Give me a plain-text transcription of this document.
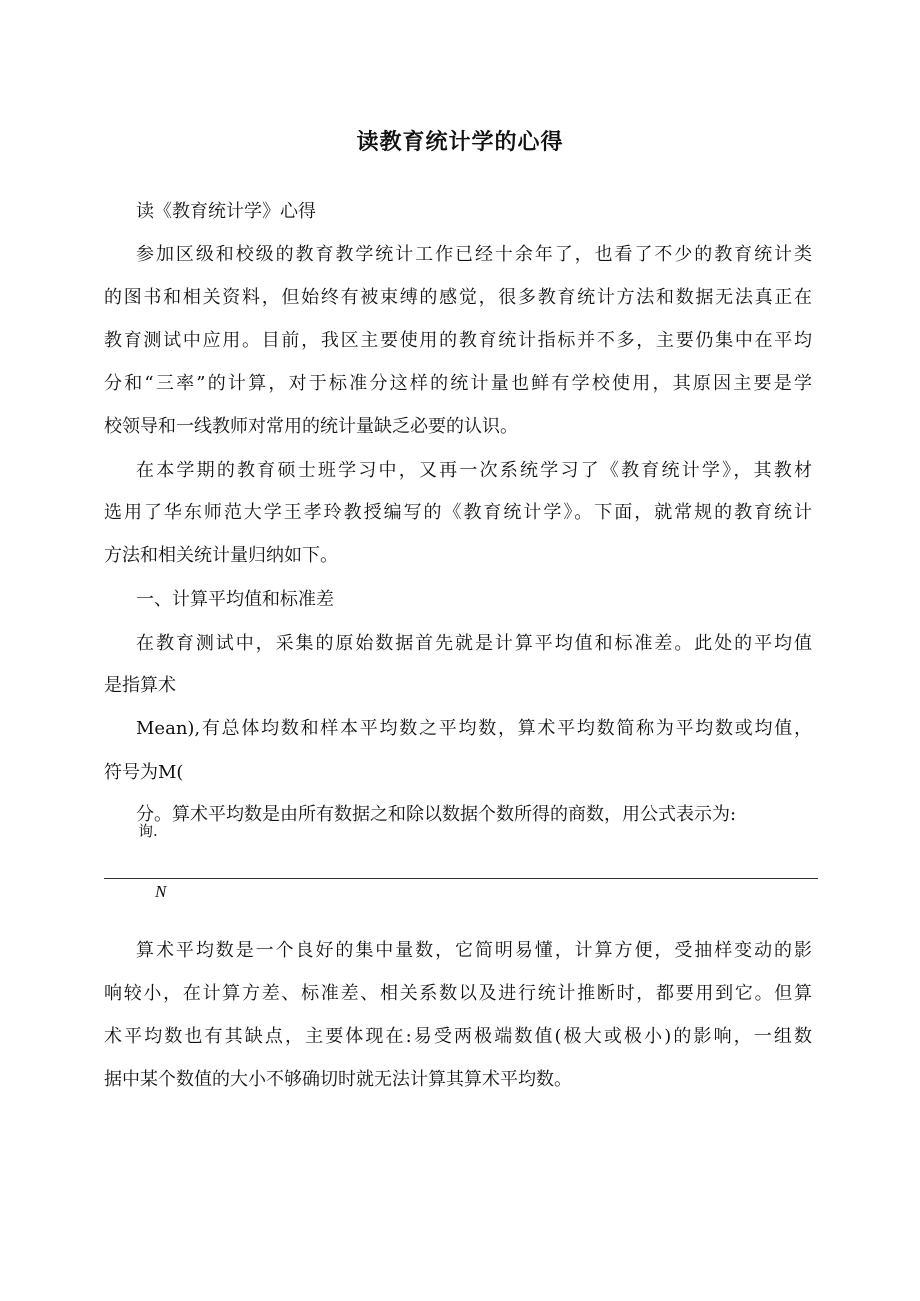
读教育统计学的心得
读《教育统计学》心得
参加区级和校级的教育教学统计工作已经十余年了，也看了不少的教育统计类
的图书和相关资料，但始终有被束缚的感觉，很多教育统计方法和数据无法真正在
教育测试中应用。目前，我区主要使用的教育统计指标并不多，主要仍集中在平均
分和“三率”的计算，对于标准分这样的统计量也鲜有学校使用，其原因主要是学
校领导和一线教师对常用的统计量缺乏必要的认识。
在本学期的教育硕士班学习中，又再一次系统学习了《教育统计学》，其教材
选用了华东师范大学王孝玲教授编写的《教育统计学》。下面，就常规的教育统计
方法和相关统计量归纳如下。
一、计算平均值和标准差
在教育测试中，采集的原始数据首先就是计算平均值和标准差。此处的平均值
是指算术
Mean),有总体均数和样本平均数之平均数，算术平均数简称为平均数或均值，
符号为M(
分。算术平均数是由所有数据之和除以数据个数所得的商数，用公式表示为:
询.
N
算术平均数是一个良好的集中量数，它简明易懂，计算方便，受抽样变动的影
响较小，在计算方差、标准差、相关系数以及进行统计推断时，都要用到它。但算
术平均数也有其缺点，主要体现在:易受两极端数值(极大或极小)的影响，一组数
据中某个数值的大小不够确切时就无法计算其算术平均数。
